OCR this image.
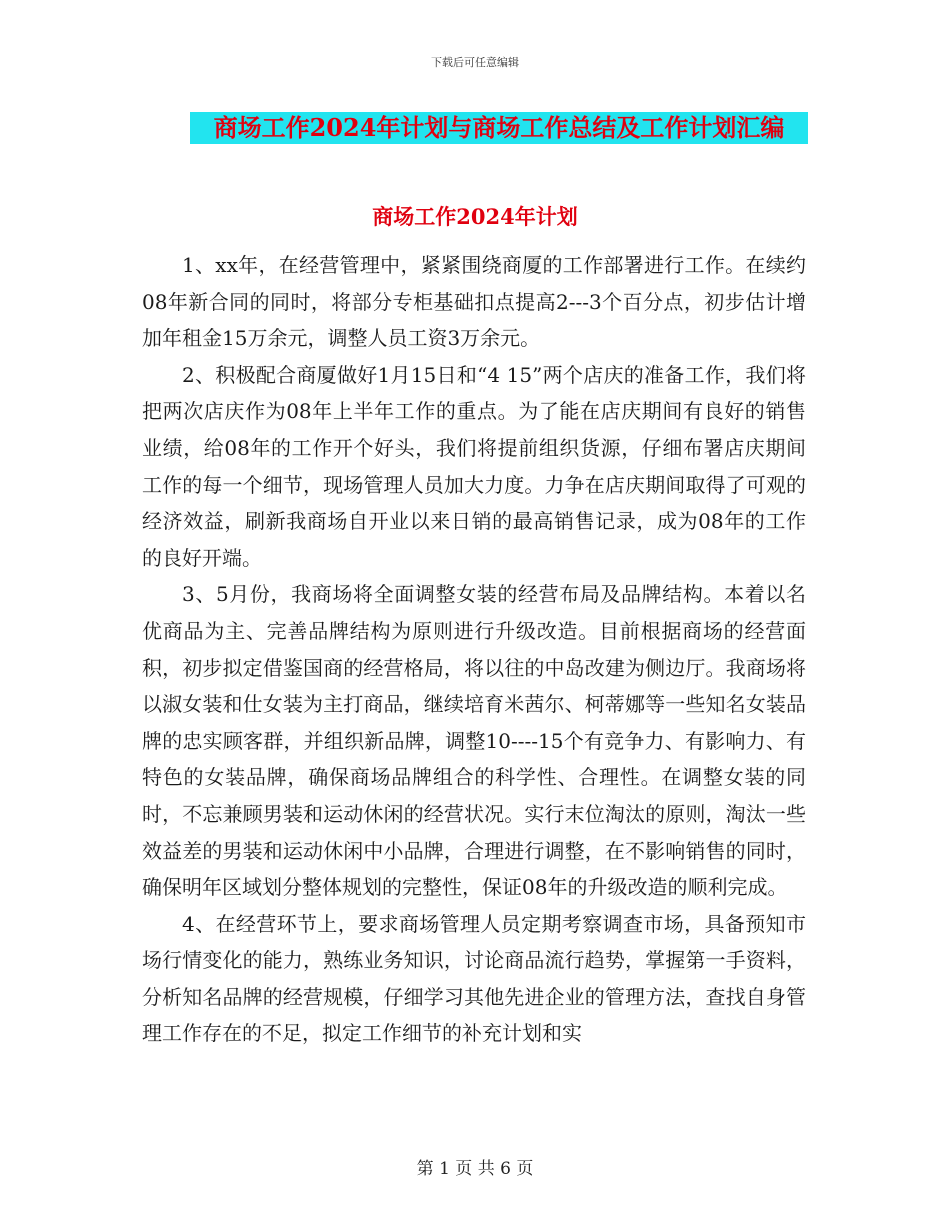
下载后可任意编辑
商场工作2024年计划与商场工作总结及工作计划汇编
商场工作2024年计划

1、xx年，在经营管理中，紧紧围绕商厦的工作部署进行工作。在续约08年新合同的同时，将部分专柜基础扣点提高2---3个百分点，初步估计增加年租金15万余元，调整人员工资3万余元。

2、积极配合商厦做好1月15日和“4 15”两个店庆的准备工作，我们将把两次店庆作为08年上半年工作的重点。为了能在店庆期间有良好的销售业绩，给08年的工作开个好头，我们将提前组织货源，仔细布署店庆期间工作的每一个细节，现场管理人员加大力度。力争在店庆期间取得了可观的经济效益，刷新我商场自开业以来日销的最高销售记录，成为08年的工作的良好开端。

3、5月份，我商场将全面调整女装的经营布局及品牌结构。本着以名优商品为主、完善品牌结构为原则进行升级改造。目前根据商场的经营面积，初步拟定借鉴国商的经营格局，将以往的中岛改建为侧边厅。我商场将以淑女装和仕女装为主打商品，继续培育米茜尔、柯蒂娜等一些知名女装品牌的忠实顾客群，并组织新品牌，调整10----15个有竞争力、有影响力、有特色的女装品牌，确保商场品牌组合的科学性、合理性。在调整女装的同时，不忘兼顾男装和运动休闲的经营状况。实行末位淘汰的原则，淘汰一些效益差的男装和运动休闲中小品牌，合理进行调整，在不影响销售的同时，确保明年区域划分整体规划的完整性，保证08年的升级改造的顺利完成。

4、在经营环节上，要求商场管理人员定期考察调查市场，具备预知市场行情变化的能力，熟练业务知识，讨论商品流行趋势，掌握第一手资料，分析知名品牌的经营规模，仔细学习其他先进企业的管理方法，查找自身管理工作存在的不足，拟定工作细节的补充计划和实

第 1 页 共 6 页
